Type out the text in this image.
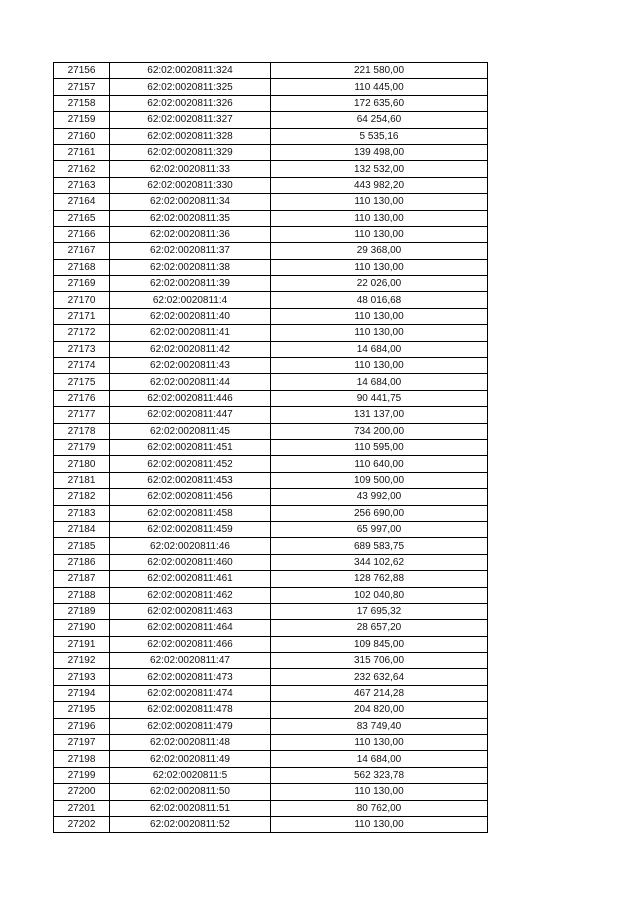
27156	62:02:0020811:324	221 580,00
27157	62:02:0020811:325	110 445,00
27158	62:02:0020811:326	172 635,60
27159	62:02:0020811:327	64 254,60
27160	62:02:0020811:328	5 535,16
27161	62:02:0020811:329	139 498,00
27162	62:02:0020811:33	132 532,00
27163	62:02:0020811:330	443 982,20
27164	62:02:0020811:34	110 130,00
27165	62:02:0020811:35	110 130,00
27166	62:02:0020811:36	110 130,00
27167	62:02:0020811:37	29 368,00
27168	62:02:0020811:38	110 130,00
27169	62:02:0020811:39	22 026,00
27170	62:02:0020811:4	48 016,68
27171	62:02:0020811:40	110 130,00
27172	62:02:0020811:41	110 130,00
27173	62:02:0020811:42	14 684,00
27174	62:02:0020811:43	110 130,00
27175	62:02:0020811:44	14 684,00
27176	62:02:0020811:446	90 441,75
27177	62:02:0020811:447	131 137,00
27178	62:02:0020811:45	734 200,00
27179	62:02:0020811:451	110 595,00
27180	62:02:0020811:452	110 640,00
27181	62:02:0020811:453	109 500,00
27182	62:02:0020811:456	43 992,00
27183	62:02:0020811:458	256 690,00
27184	62:02:0020811:459	65 997,00
27185	62:02:0020811:46	689 583,75
27186	62:02:0020811:460	344 102,62
27187	62:02:0020811:461	128 762,88
27188	62:02:0020811:462	102 040,80
27189	62:02:0020811:463	17 695,32
27190	62:02:0020811:464	28 657,20
27191	62:02:0020811:466	109 845,00
27192	62:02:0020811:47	315 706,00
27193	62:02:0020811:473	232 632,64
27194	62:02:0020811:474	467 214,28
27195	62:02:0020811:478	204 820,00
27196	62:02:0020811:479	83 749,40
27197	62:02:0020811:48	110 130,00
27198	62:02:0020811:49	14 684,00
27199	62:02:0020811:5	562 323,78
27200	62:02:0020811:50	110 130,00
27201	62:02:0020811:51	80 762,00
27202	62:02:0020811:52	110 130,00
